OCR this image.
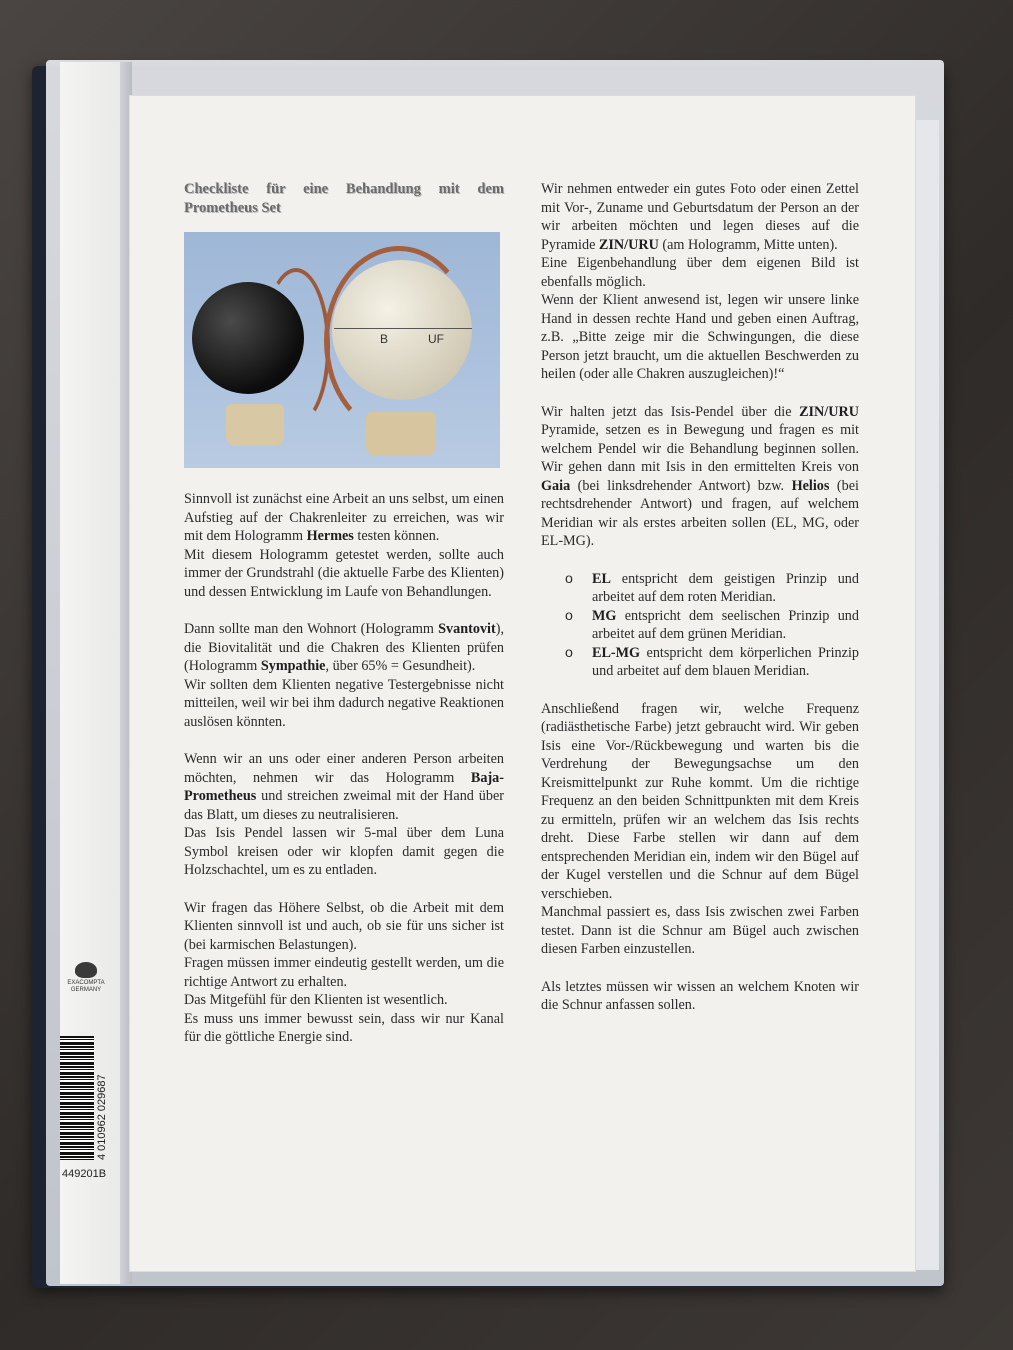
Checkliste für eine Behandlung mit dem Prometheus Set
B	UF

Sinnvoll ist zunächst eine Arbeit an uns selbst, um einen Aufstieg auf der Chakrenleiter zu erreichen, was wir mit dem Hologramm Hermes testen können.

Mit diesem Hologramm getestet werden, sollte auch immer der Grundstrahl (die aktuelle Farbe des Klienten) und dessen Entwicklung im Laufe von Behandlungen.

Dann sollte man den Wohnort (Hologramm Svantovit), die Biovitalität und die Chakren des Klienten prüfen (Hologramm Sympathie, über 65% = Gesundheit).

Wir sollten dem Klienten negative Testergebnisse nicht mitteilen, weil wir bei ihm dadurch negative Reaktionen auslösen könnten.

Wenn wir an uns oder einer anderen Person arbeiten möchten, nehmen wir das Hologramm Baja-Prometheus und streichen zweimal mit der Hand über das Blatt, um dieses zu neutralisieren.

Das Isis Pendel lassen wir 5-mal über dem Luna Symbol kreisen oder wir klopfen damit gegen die Holzschachtel, um es zu entladen.

Wir fragen das Höhere Selbst, ob die Arbeit mit dem Klienten sinnvoll ist und auch, ob sie für uns sicher ist (bei karmischen Belastungen).

Fragen müssen immer eindeutig gestellt werden, um die richtige Antwort zu erhalten.

Das Mitgefühl für den Klienten ist wesentlich.

Es muss uns immer bewusst sein, dass wir nur Kanal für die göttliche Energie sind.

Wir nehmen entweder ein gutes Foto oder einen Zettel mit Vor-, Zuname und Geburtsdatum der Person an der wir arbeiten möchten und legen dieses auf die Pyramide ZIN/URU (am Hologramm, Mitte unten).

Eine Eigenbehandlung über dem eigenen Bild ist ebenfalls möglich.

Wenn der Klient anwesend ist, legen wir unsere linke Hand in dessen rechte Hand und geben einen Auftrag, z.B. „Bitte zeige mir die Schwingungen, die diese Person jetzt braucht, um die aktuellen Beschwerden zu heilen (oder alle Chakren auszugleichen)!“

Wir halten jetzt das Isis-Pendel über die ZIN/URU Pyramide, setzen es in Bewegung und fragen es mit welchem Pendel wir die Behandlung beginnen sollen. Wir gehen dann mit Isis in den ermittelten Kreis von Gaia (bei linksdrehender Antwort) bzw. Helios (bei rechtsdrehender Antwort) und fragen, auf welchem Meridian wir als erstes arbeiten sollen (EL, MG, oder EL-MG).

o EL entspricht dem geistigen Prinzip und arbeitet auf dem roten Meridian.
o MG entspricht dem seelischen Prinzip und arbeitet auf dem grünen Meridian.
o EL-MG entspricht dem körperlichen Prinzip und arbeitet auf dem blauen Meridian.

Anschließend fragen wir, welche Frequenz (radiästhetische Farbe) jetzt gebraucht wird. Wir geben Isis eine Vor-/Rückbewegung und warten bis die Verdrehung der Bewegungsachse um den Kreismittelpunkt zur Ruhe kommt. Um die richtige Frequenz an den beiden Schnittpunkten mit dem Kreis zu ermitteln, prüfen wir an welchem das Isis rechts dreht. Diese Farbe stellen wir dann auf dem entsprechenden Meridian ein, indem wir den Bügel auf der Kugel verstellen und die Schnur auf dem Bügel verschieben.

Manchmal passiert es, dass Isis zwischen zwei Farben testet. Dann ist die Schnur am Bügel auch zwischen diesen Farben einzustellen.

Als letztes müssen wir wissen an welchem Knoten wir die Schnur anfassen sollen.

EXACOMPTA
GERMANY
449201B
